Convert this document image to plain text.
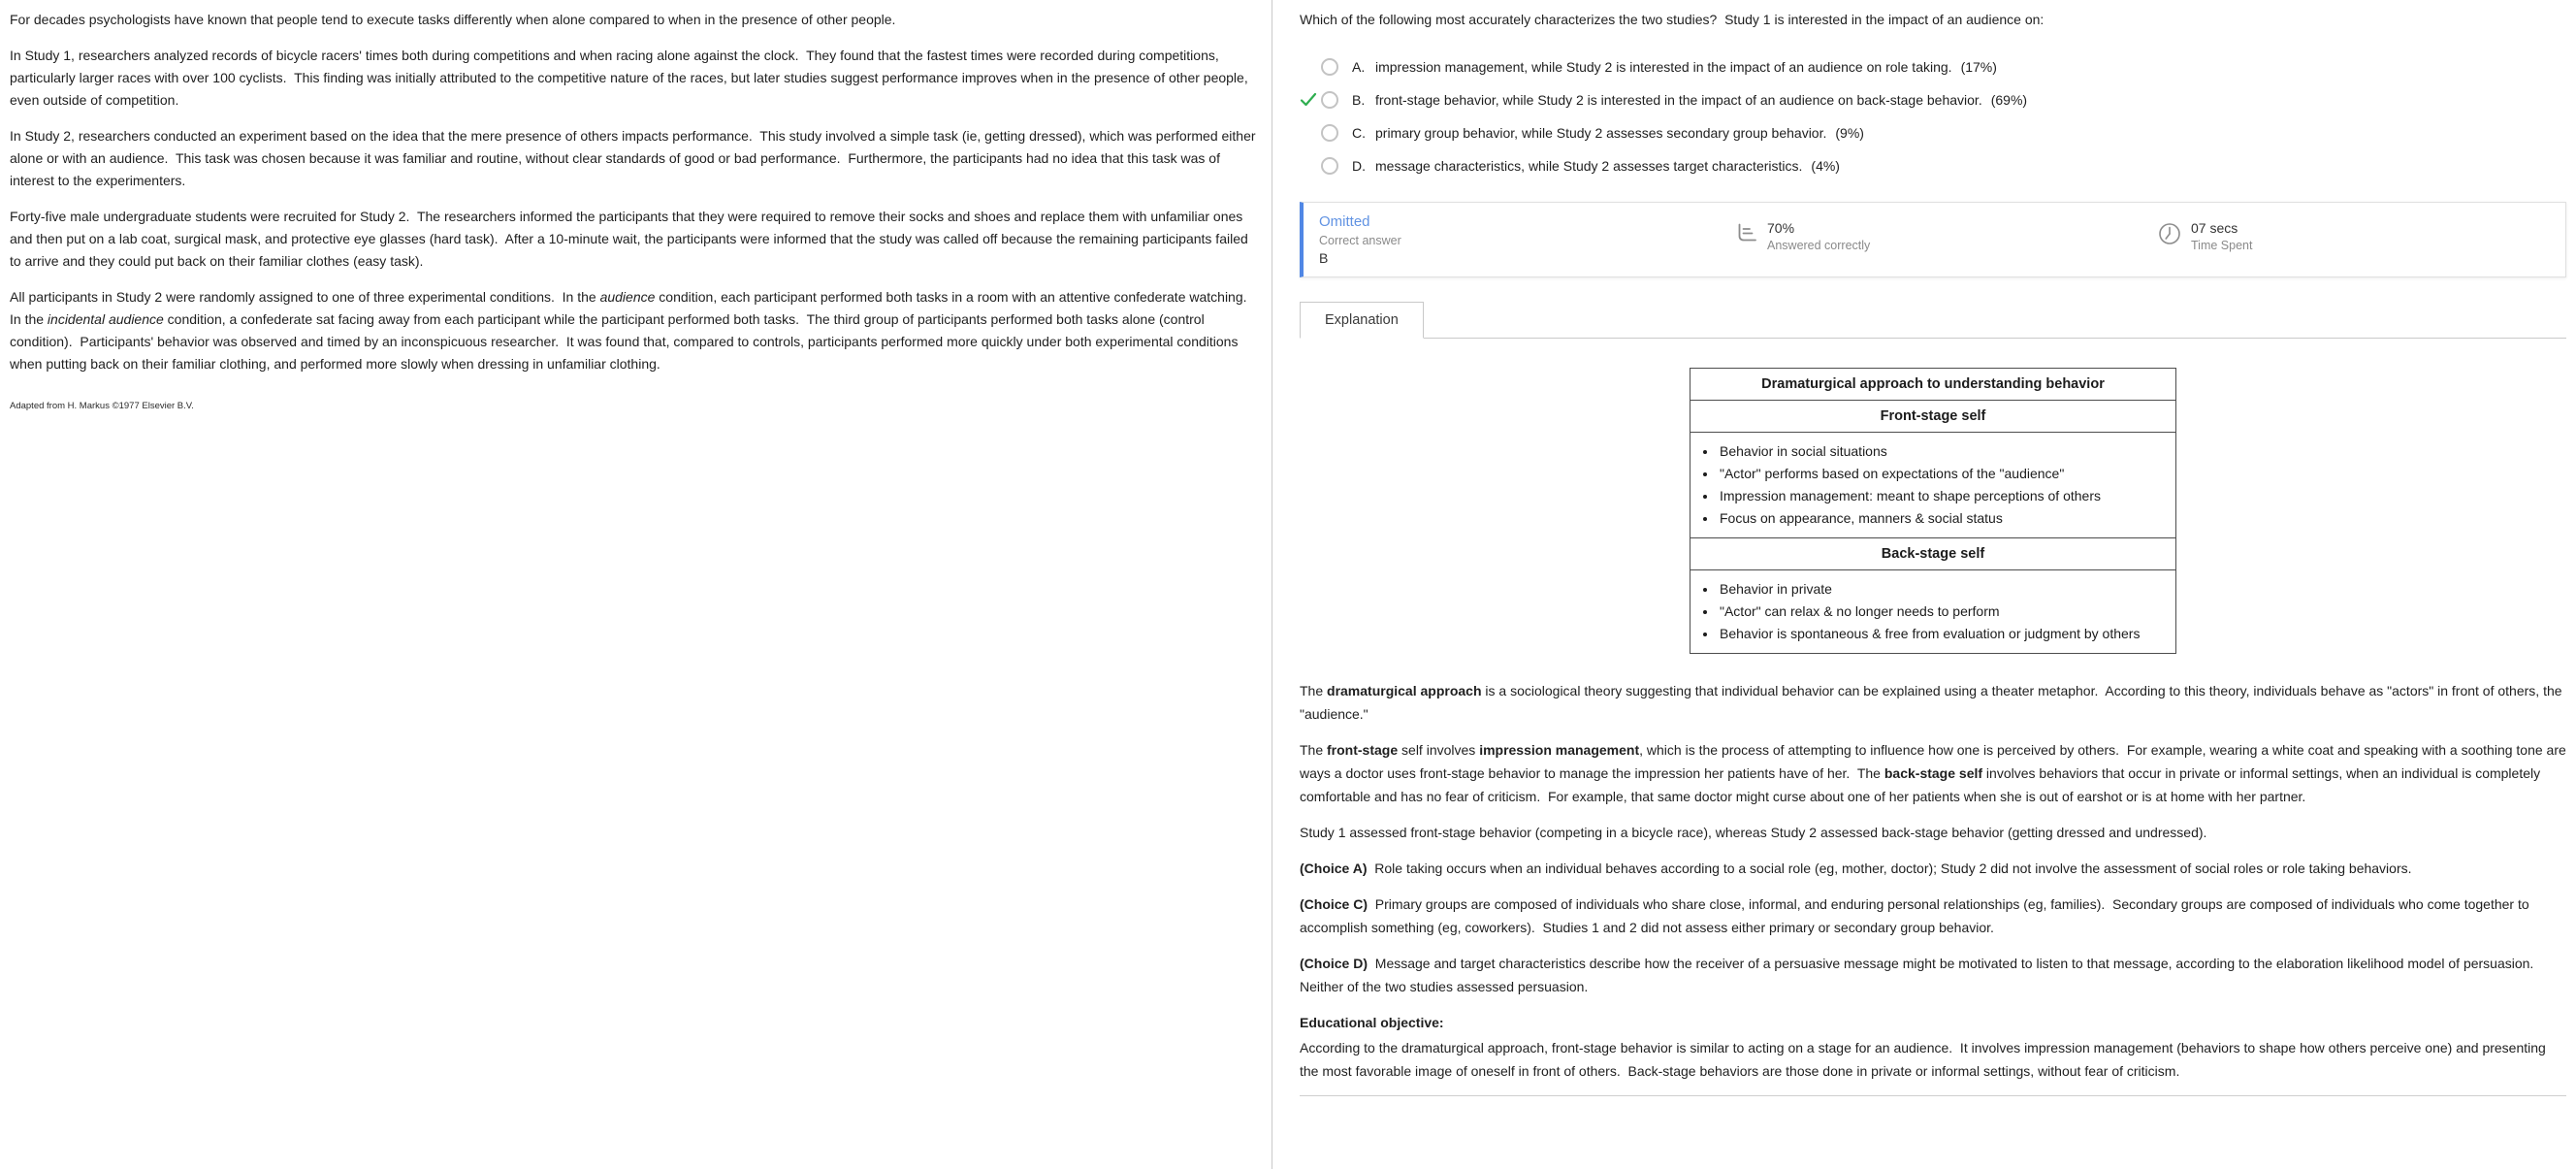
For decades psychologists have known that people tend to execute tasks differently when alone compared to when in the presence of other people.

In Study 1, researchers analyzed records of bicycle racers' times both during competitions and when racing alone against the clock.  They found that the fastest times were recorded during competitions, particularly larger races with over 100 cyclists.  This finding was initially attributed to the competitive nature of the races, but later studies suggest performance improves when in the presence of other people, even outside of competition.

In Study 2, researchers conducted an experiment based on the idea that the mere presence of others impacts performance.  This study involved a simple task (ie, getting dressed), which was performed either alone or with an audience.  This task was chosen because it was familiar and routine, without clear standards of good or bad performance.  Furthermore, the participants had no idea that this task was of interest to the experimenters.

Forty-five male undergraduate students were recruited for Study 2.  The researchers informed the participants that they were required to remove their socks and shoes and replace them with unfamiliar ones and then put on a lab coat, surgical mask, and protective eye glasses (hard task).  After a 10-minute wait, the participants were informed that the study was called off because the remaining participants failed to arrive and they could put back on their familiar clothes (easy task).

All participants in Study 2 were randomly assigned to one of three experimental conditions.  In the audience condition, each participant performed both tasks in a room with an attentive confederate watching.  In the incidental audience condition, a confederate sat facing away from each participant while the participant performed both tasks.  The third group of participants performed both tasks alone (control condition).  Participants' behavior was observed and timed by an inconspicuous researcher.  It was found that, compared to controls, participants performed more quickly under both experimental conditions when putting back on their familiar clothing, and performed more slowly when dressing in unfamiliar clothing.

Adapted from H. Markus ©1977 Elsevier B.V.
Which of the following most accurately characterizes the two studies?  Study 1 is interested in the impact of an audience on:
A. impression management, while Study 2 is interested in the impact of an audience on role taking. (17%)
B. front-stage behavior, while Study 2 is interested in the impact of an audience on back-stage behavior. (69%)
C. primary group behavior, while Study 2 assesses secondary group behavior. (9%)
D. message characteristics, while Study 2 assesses target characteristics. (4%)
Omitted
Correct answer
B
70%
Answered correctly
07 secs
Time Spent
Explanation
Dramaturgical approach to understanding behavior
Front-stage self

• Behavior in social situations
• "Actor" performs based on expectations of the "audience"
• Impression management: meant to shape perceptions of others
• Focus on appearance, manners & social status

Back-stage self

• Behavior in private
• "Actor" can relax & no longer needs to perform
• Behavior is spontaneous & free from evaluation or judgment by others

The dramaturgical approach is a sociological theory suggesting that individual behavior can be explained using a theater metaphor.  According to this theory, individuals behave as "actors" in front of others, the "audience."

The front-stage self involves impression management, which is the process of attempting to influence how one is perceived by others.  For example, wearing a white coat and speaking with a soothing tone are ways a doctor uses front-stage behavior to manage the impression her patients have of her.  The back-stage self involves behaviors that occur in private or informal settings, when an individual is completely comfortable and has no fear of criticism.  For example, that same doctor might curse about one of her patients when she is out of earshot or is at home with her partner.

Study 1 assessed front-stage behavior (competing in a bicycle race), whereas Study 2 assessed back-stage behavior (getting dressed and undressed).

(Choice A)  Role taking occurs when an individual behaves according to a social role (eg, mother, doctor); Study 2 did not involve the assessment of social roles or role taking behaviors.

(Choice C)  Primary groups are composed of individuals who share close, informal, and enduring personal relationships (eg, families).  Secondary groups are composed of individuals who come together to accomplish something (eg, coworkers).  Studies 1 and 2 did not assess either primary or secondary group behavior.

(Choice D)  Message and target characteristics describe how the receiver of a persuasive message might be motivated to listen to that message, according to the elaboration likelihood model of persuasion.  Neither of the two studies assessed persuasion.

Educational objective:

According to the dramaturgical approach, front-stage behavior is similar to acting on a stage for an audience.  It involves impression management (behaviors to shape how others perceive one) and presenting the most favorable image of oneself in front of others.  Back-stage behaviors are those done in private or informal settings, without fear of criticism.
